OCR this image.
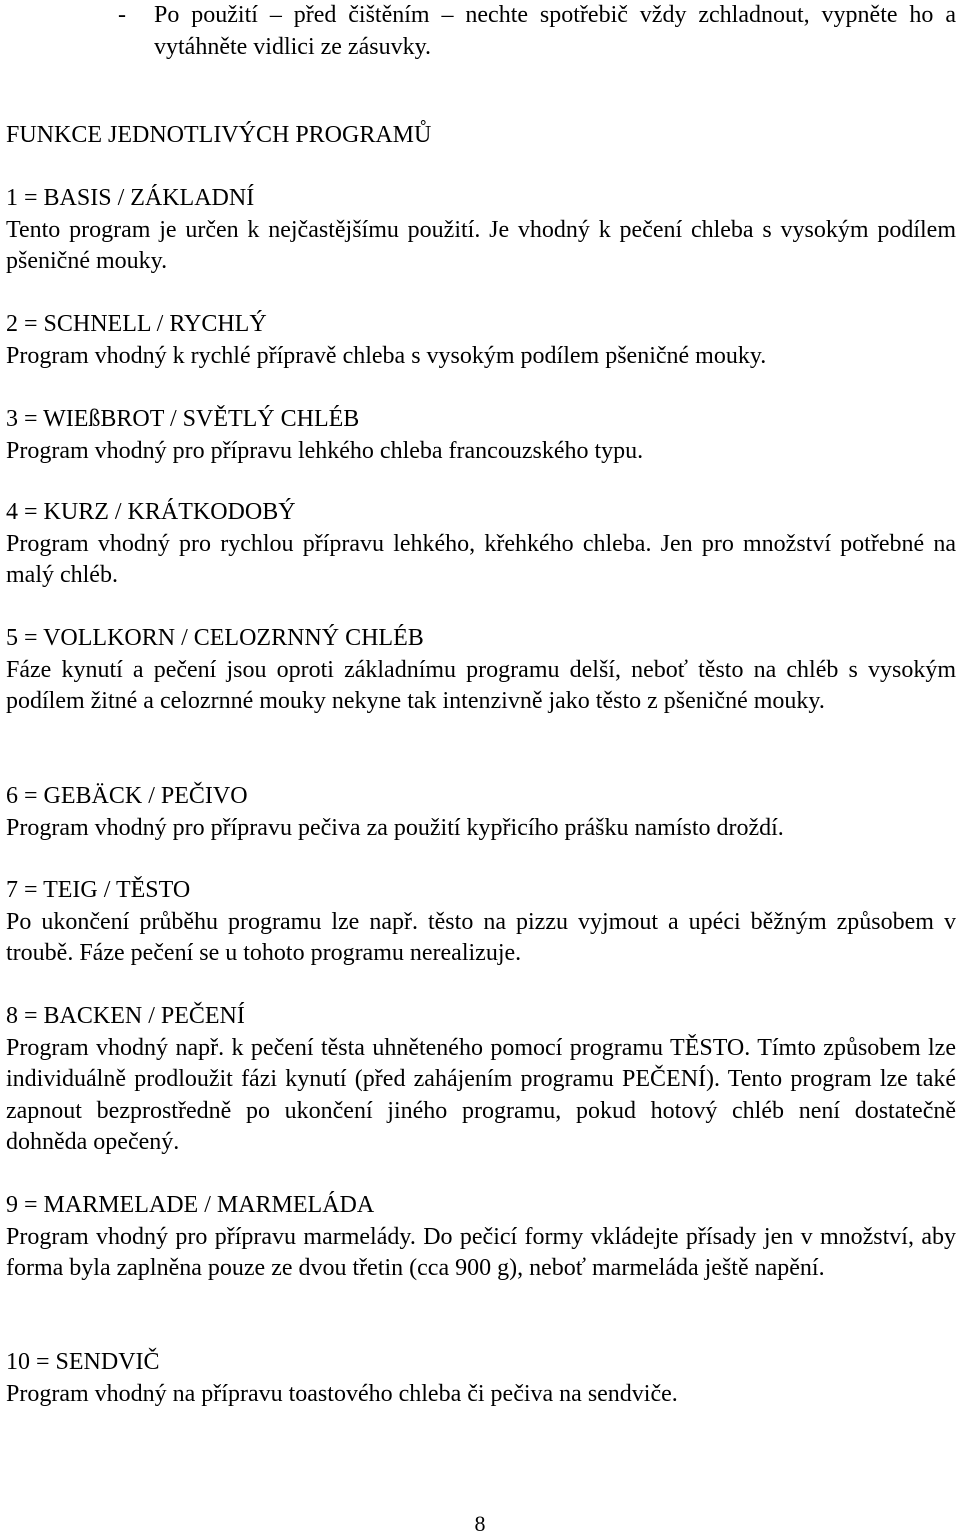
- Po použití – před čištěním – nechte spotřebič vždy zchladnout, vypněte ho a vytáhněte vidlici ze zásuvky.
FUNKCE JEDNOTLIVÝCH PROGRAMŮ
1 = BASIS / ZÁKLADNÍ

Tento program je určen k nejčastějšímu použití. Je vhodný k pečení chleba s vysokým podílem pšeničné mouky.

2 = SCHNELL / RYCHLÝ

Program vhodný k rychlé přípravě chleba s vysokým podílem pšeničné mouky.

3 = WIEßBROT / SVĚTLÝ CHLÉB

Program vhodný pro přípravu lehkého chleba francouzského typu.

4 = KURZ / KRÁTKODOBÝ

Program vhodný pro rychlou přípravu lehkého, křehkého chleba. Jen pro množství potřebné na malý chléb.

5 = VOLLKORN / CELOZRNNÝ CHLÉB

Fáze kynutí a pečení jsou oproti základnímu programu delší, neboť těsto na chléb s vysokým podílem žitné a celozrnné mouky nekyne tak intenzivně jako těsto z pšeničné mouky.

6 = GEBÄCK / PEČIVO

Program vhodný pro přípravu pečiva za použití kypřicího prášku namísto droždí.

7 = TEIG / TĚSTO

Po ukončení průběhu programu lze např. těsto na pizzu vyjmout a upéci běžným způsobem v troubě. Fáze pečení se u tohoto programu nerealizuje.

8 = BACKEN / PEČENÍ

Program vhodný např. k pečení těsta uhněteného pomocí programu TĚSTO. Tímto způsobem lze individuálně prodloužit fázi kynutí (před zahájením programu PEČENÍ). Tento program lze také zapnout bezprostředně po ukončení jiného programu, pokud hotový chléb není dostatečně dohněda opečený.

9 = MARMELADE / MARMELÁDA

Program vhodný pro přípravu marmelády. Do pečicí formy vkládejte přísady jen v množství, aby forma byla zaplněna pouze ze dvou třetin (cca 900 g), neboť marmeláda ještě napění.

10 = SENDVIČ

Program vhodný na přípravu toastového chleba či pečiva na sendviče.

8
